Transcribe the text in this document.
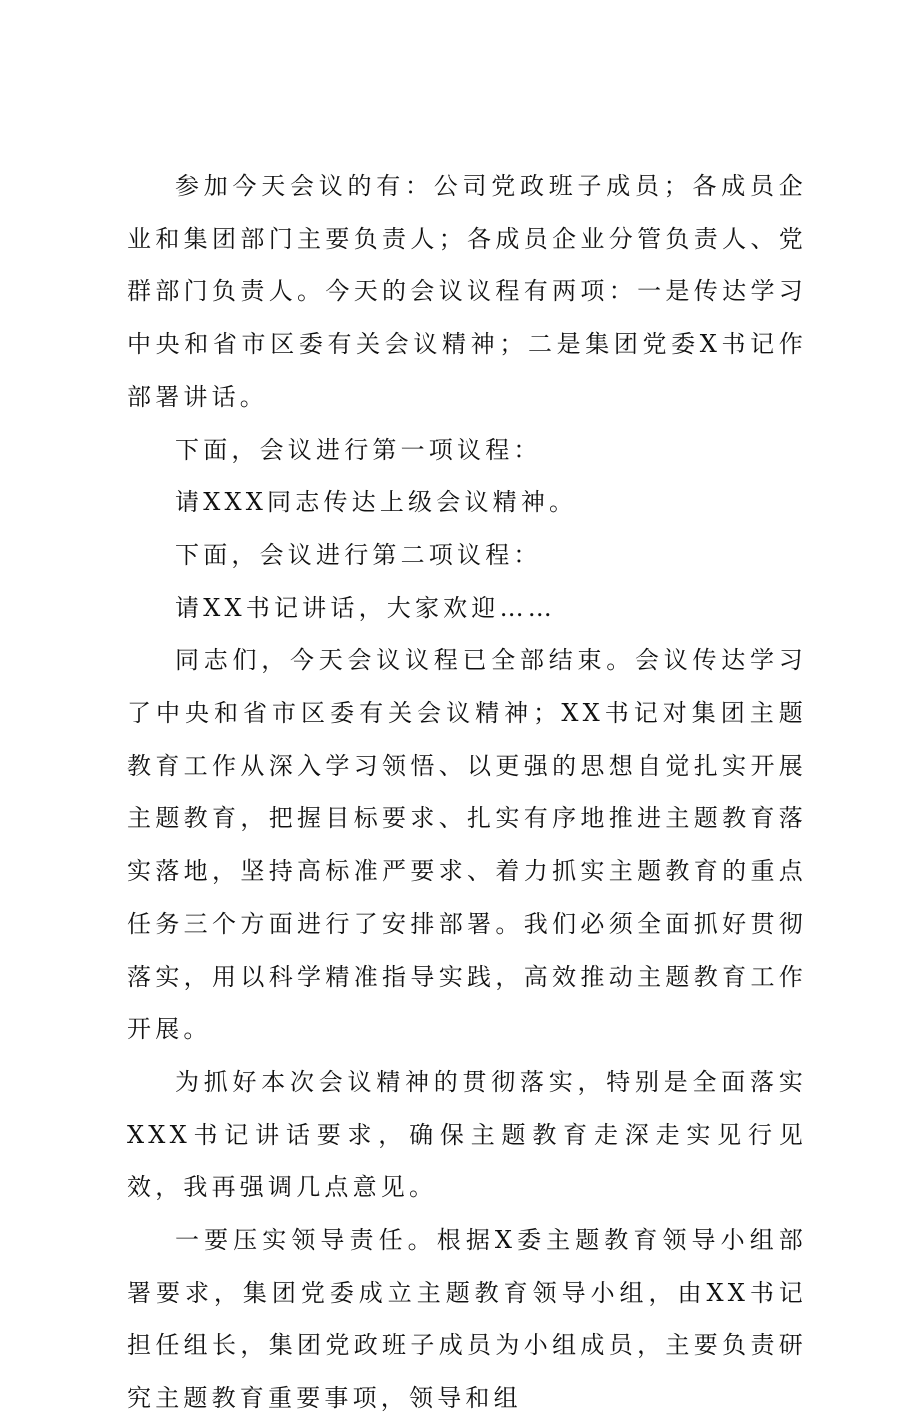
参加今天会议的有：公司党政班子成员；各成员企业和集团部门主要负责人；各成员企业分管负责人、党群部门负责人。今天的会议议程有两项：一是传达学习中央和省市区委有关会议精神；二是集团党委X书记作部署讲话。

下面，会议进行第一项议程：

请XXX同志传达上级会议精神。

下面，会议进行第二项议程：

请XX书记讲话，大家欢迎……

同志们，今天会议议程已全部结束。会议传达学习了中央和省市区委有关会议精神；XX书记对集团主题教育工作从深入学习领悟、以更强的思想自觉扎实开展主题教育，把握目标要求、扎实有序地推进主题教育落实落地，坚持高标准严要求、着力抓实主题教育的重点任务三个方面进行了安排部署。我们必须全面抓好贯彻落实，用以科学精准指导实践，高效推动主题教育工作开展。

为抓好本次会议精神的贯彻落实，特别是全面落实XXX书记讲话要求，确保主题教育走深走实见行见效，我再强调几点意见。

一要压实领导责任。根据X委主题教育领导小组部署要求，集团党委成立主题教育领导小组，由XX书记担任组长，集团党政班子成员为小组成员，主要负责研究主题教育重要事项，领导和组
